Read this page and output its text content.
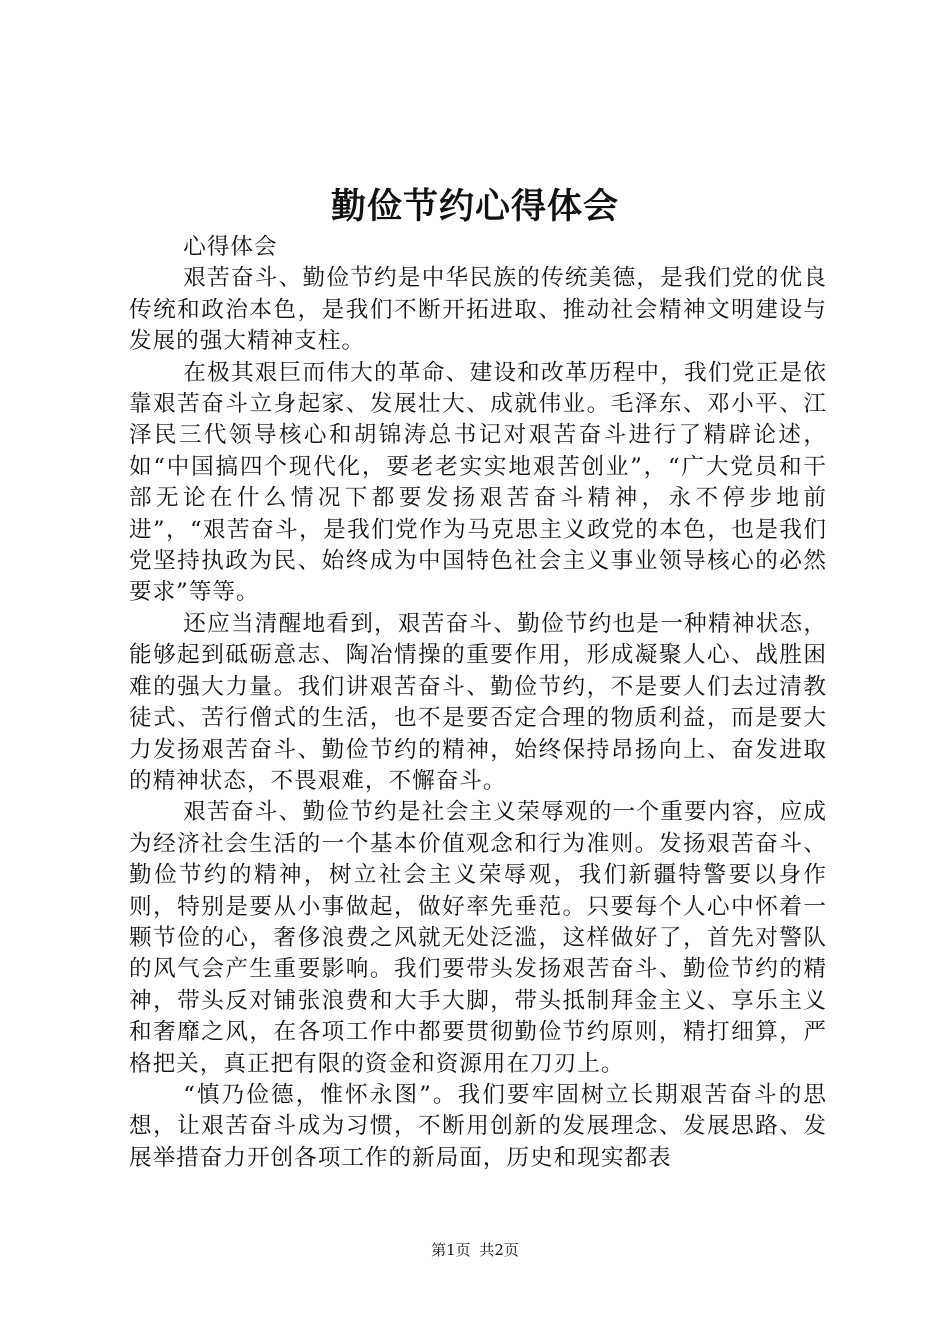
勤俭节约心得体会

心得体会

艰苦奋斗、勤俭节约是中华民族的传统美德，是我们党的优良传统和政治本色，是我们不断开拓进取、推动社会精神文明建设与发展的强大精神支柱。

在极其艰巨而伟大的革命、建设和改革历程中，我们党正是依靠艰苦奋斗立身起家、发展壮大、成就伟业。毛泽东、邓小平、江泽民三代领导核心和胡锦涛总书记对艰苦奋斗进行了精辟论述，如“中国搞四个现代化，要老老实实地艰苦创业”，“广大党员和干部无论在什么情况下都要发扬艰苦奋斗精神，永不停步地前进”，“艰苦奋斗，是我们党作为马克思主义政党的本色，也是我们党坚持执政为民、始终成为中国特色社会主义事业领导核心的必然要求”等等。

还应当清醒地看到，艰苦奋斗、勤俭节约也是一种精神状态，能够起到砥砺意志、陶冶情操的重要作用，形成凝聚人心、战胜困难的强大力量。我们讲艰苦奋斗、勤俭节约，不是要人们去过清教徒式、苦行僧式的生活，也不是要否定合理的物质利益，而是要大力发扬艰苦奋斗、勤俭节约的精神，始终保持昂扬向上、奋发进取的精神状态，不畏艰难，不懈奋斗。

艰苦奋斗、勤俭节约是社会主义荣辱观的一个重要内容，应成为经济社会生活的一个基本价值观念和行为准则。发扬艰苦奋斗、勤俭节约的精神，树立社会主义荣辱观，我们新疆特警要以身作则，特别是要从小事做起，做好率先垂范。只要每个人心中怀着一颗节俭的心，奢侈浪费之风就无处泛滥，这样做好了，首先对警队的风气会产生重要影响。我们要带头发扬艰苦奋斗、勤俭节约的精神，带头反对铺张浪费和大手大脚，带头抵制拜金主义、享乐主义和奢靡之风，在各项工作中都要贯彻勤俭节约原则，精打细算，严格把关，真正把有限的资金和资源用在刀刃上。

“慎乃俭德，惟怀永图”。我们要牢固树立长期艰苦奋斗的思想，让艰苦奋斗成为习惯，不断用创新的发展理念、发展思路、发展举措奋力开创各项工作的新局面，历史和现实都表

第1页 共2页
